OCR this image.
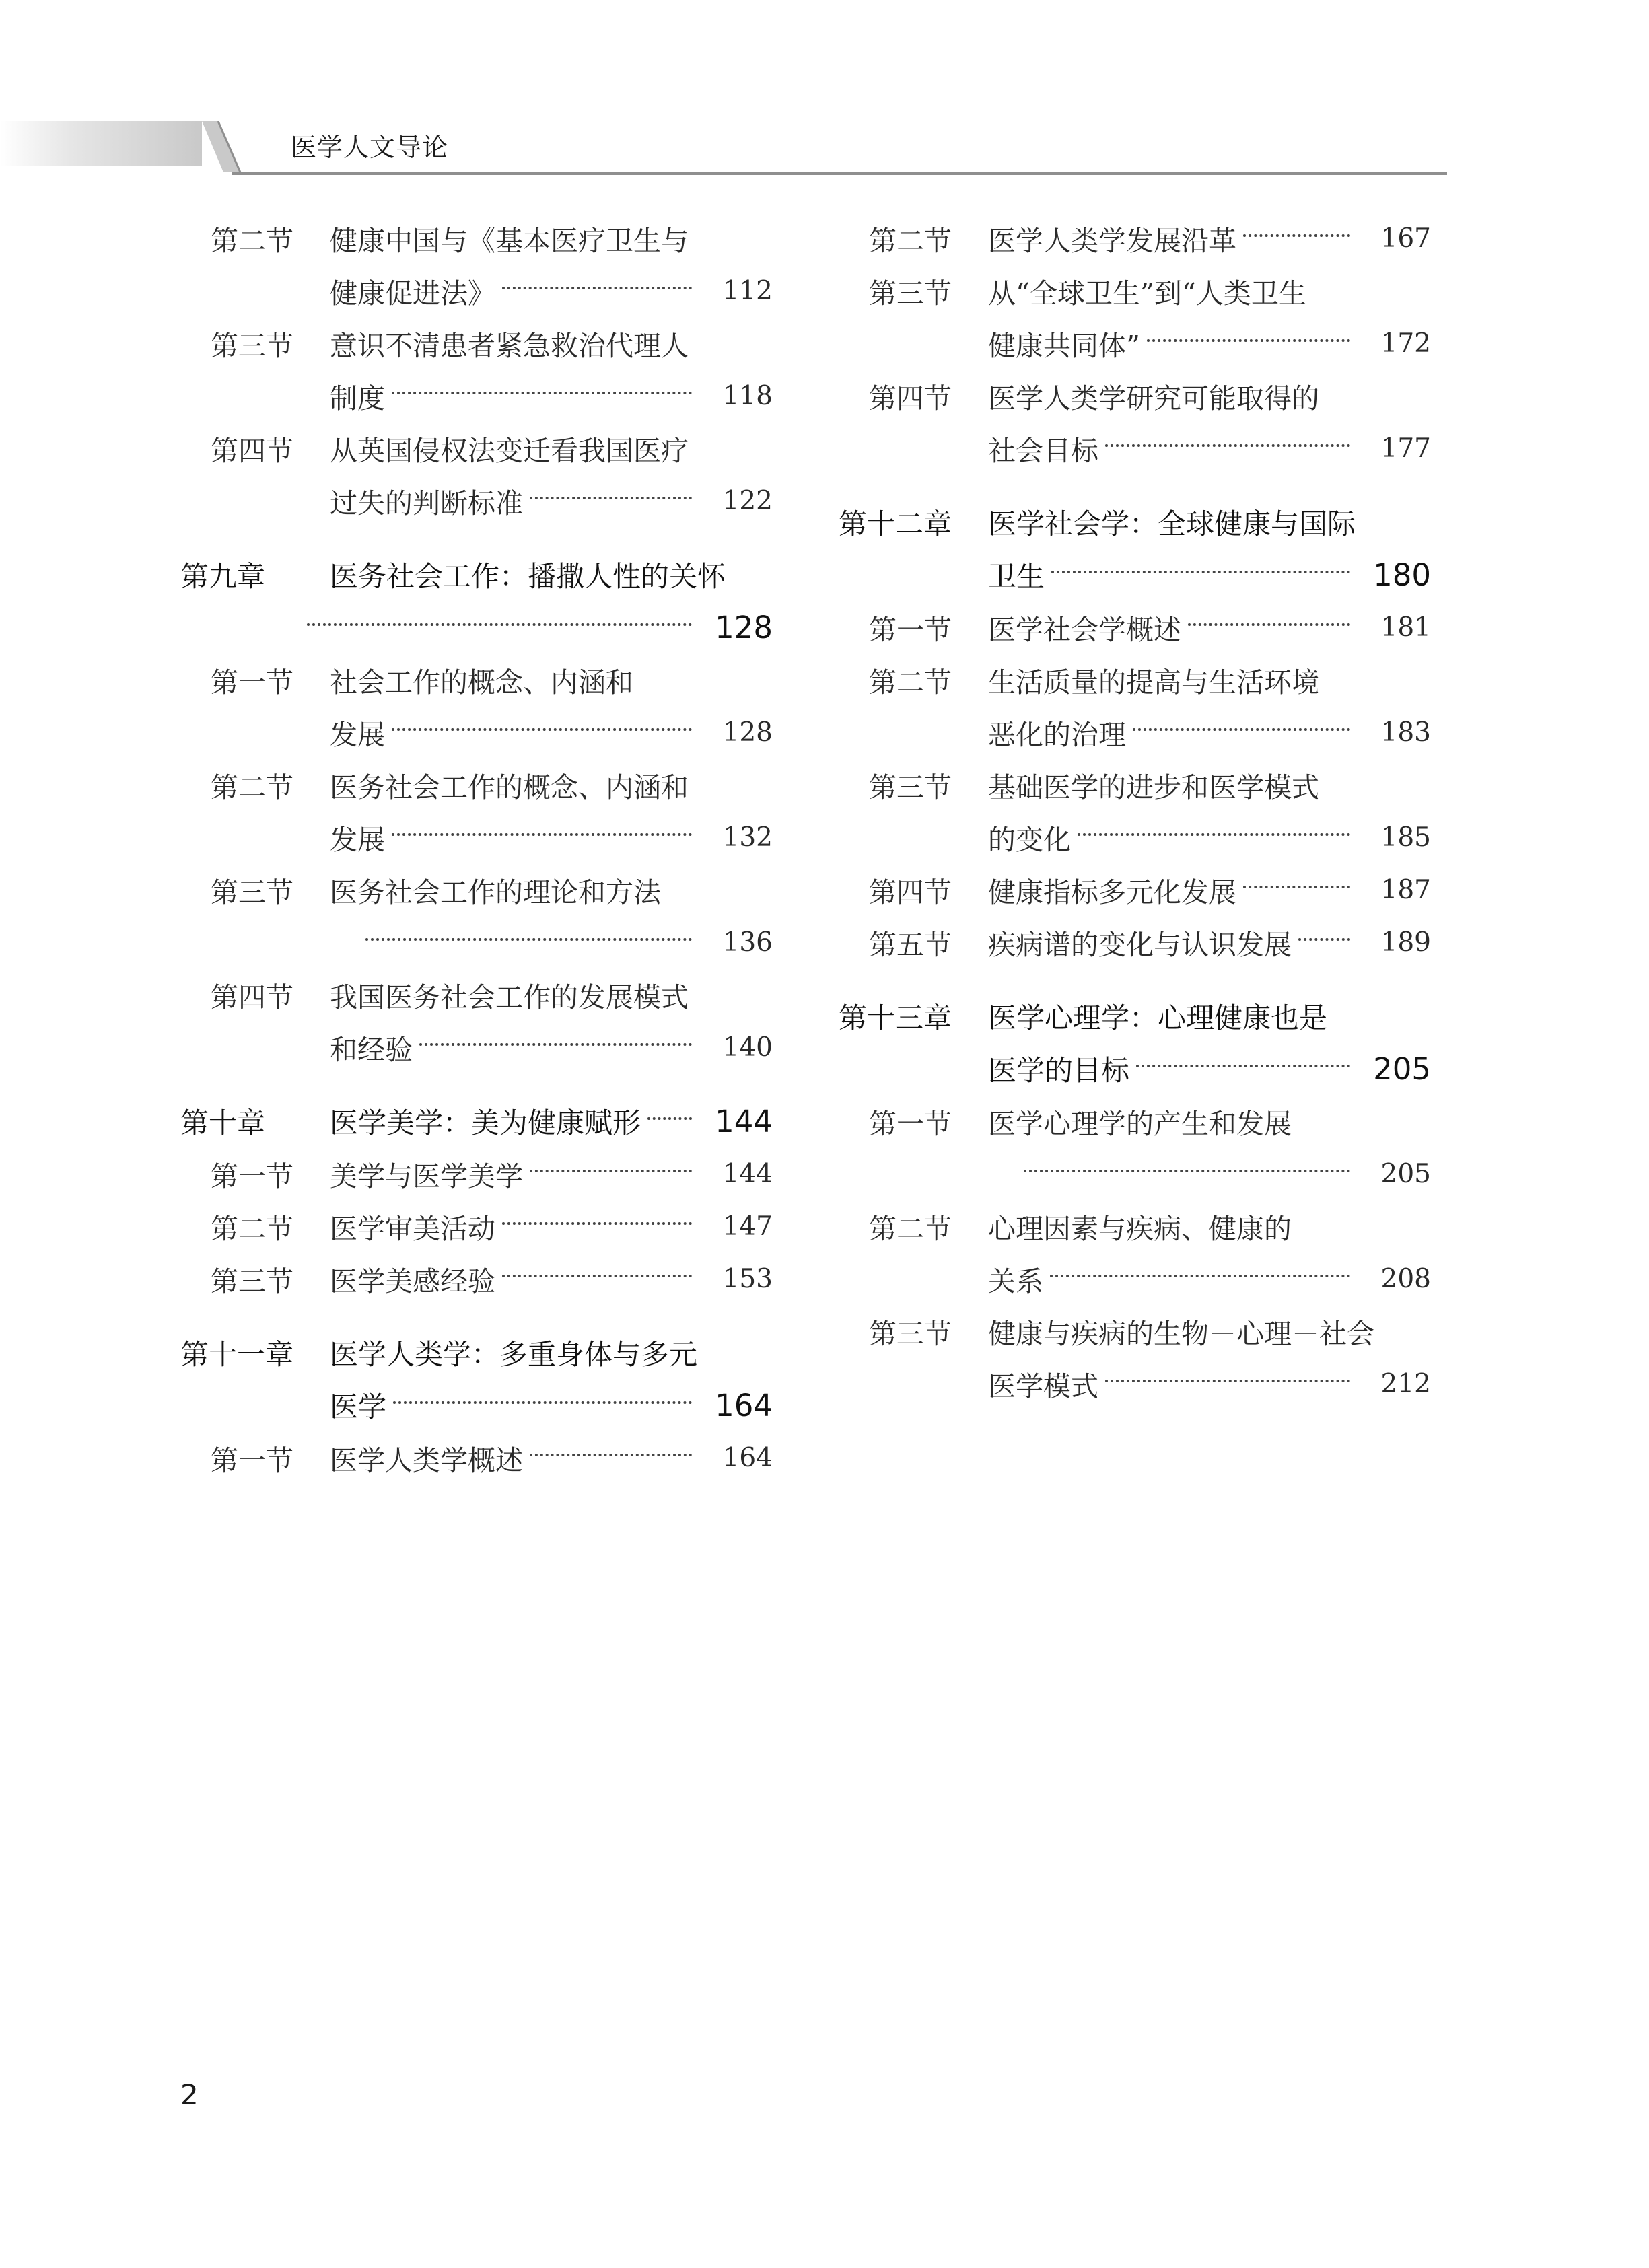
医学人文导论
第二节	健康中国与《基本医疗卫生与
健康促进法》	112
第三节	意识不清患者紧急救治代理人
制度	118
第四节	从英国侵权法变迁看我国医疗
过失的判断标准	122
第九章	医务社会工作：播撒人性的关怀
128
第一节	社会工作的概念、内涵和
发展	128
第二节	医务社会工作的概念、内涵和
发展	132
第三节	医务社会工作的理论和方法
136
第四节	我国医务社会工作的发展模式
和经验	140
第十章	医学美学：美为健康赋形 144
第一节	美学与医学美学	144
第二节	医学审美活动	147
第三节	医学美感经验	153
第十一章	医学人类学：多重身体与多元
医学	164
第一节	医学人类学概述	164
第二节	医学人类学发展沿革	167
第三节	从“全球卫生”到“人类卫生
健康共同体”	172
第四节	医学人类学研究可能取得的
社会目标	177
第十二章	医学社会学：全球健康与国际
卫生	180
第一节	医学社会学概述	181
第二节	生活质量的提高与生活环境
恶化的治理	183
第三节	基础医学的进步和医学模式
的变化	185
第四节	健康指标多元化发展	187
第五节	疾病谱的变化与认识发展	189
第十三章	医学心理学：心理健康也是
医学的目标	205
第一节	医学心理学的产生和发展
205
第二节	心理因素与疾病、健康的
关系	208
第三节	健康与疾病的生物－心理－社会
医学模式	212
2
